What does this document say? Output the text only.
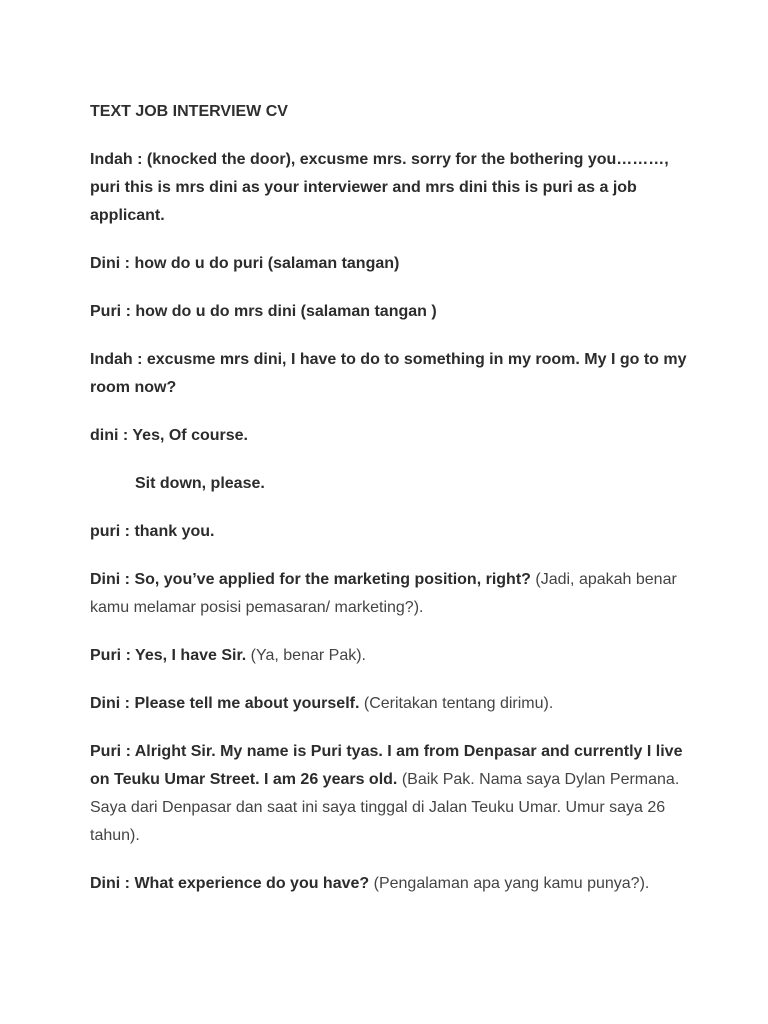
TEXT JOB INTERVIEW CV

Indah : (knocked the door), excusme mrs. sorry for the bothering you………, puri this is mrs dini as your interviewer and mrs dini this is puri as a job applicant.

Dini : how do u do puri (salaman tangan)

Puri : how do u do mrs dini (salaman tangan )

Indah : excusme mrs dini, I have to do to something in my room. My I go to my room now?

dini : Yes, Of course.

Sit down, please.

puri : thank you.

Dini : So, you’ve applied for the marketing position, right? (Jadi, apakah benar kamu melamar posisi pemasaran/ marketing?).

Puri : Yes, I have Sir. (Ya, benar Pak).

Dini : Please tell me about yourself. (Ceritakan tentang dirimu).

Puri : Alright Sir. My name is Puri tyas. I am from Denpasar and currently I live on Teuku Umar Street. I am 26 years old. (Baik Pak. Nama saya Dylan Permana. Saya dari Denpasar dan saat ini saya tinggal di Jalan Teuku Umar. Umur saya 26 tahun).

Dini : What experience do you have? (Pengalaman apa yang kamu punya?).
